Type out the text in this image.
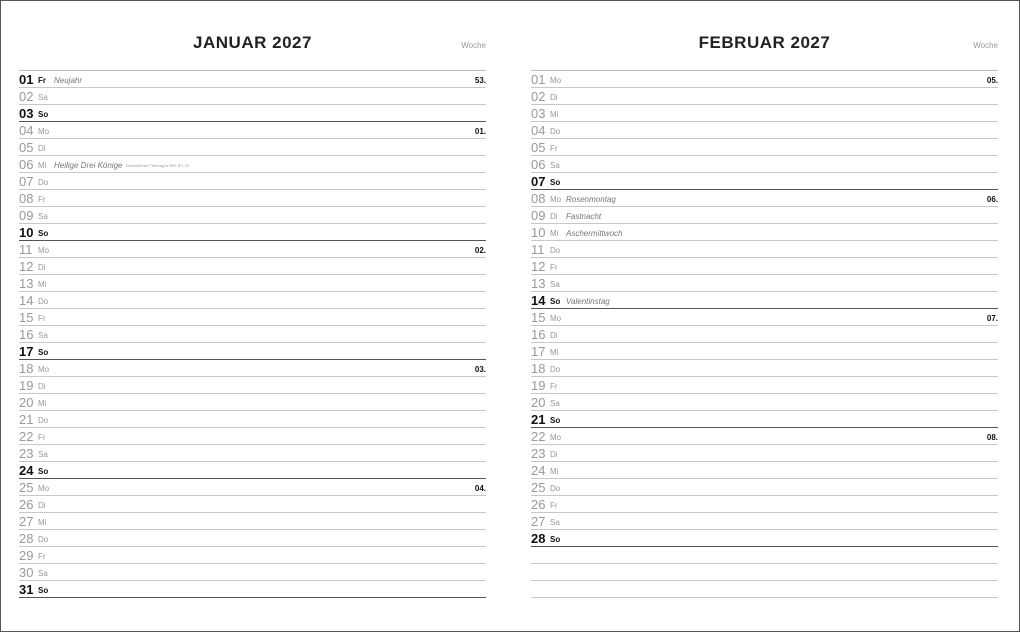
JANUAR 2027	Woche
01 Fr Neujahr	53.
02 Sa
03 So
04 Mo	01.
05 Di
06 Mi Heilige Drei Könige Gesetzlicher Feiertag in BW, BY, ST
07 Do
08 Fr
09 Sa
10 So
11 Mo	02.
12 Di
13 Mi
14 Do
15 Fr
16 Sa
17 So
18 Mo	03.
19 Di
20 Mi
21 Do
22 Fr
23 Sa
24 So
25 Mo	04.
26 Di
27 Mi
28 Do
29 Fr
30 Sa
31 So
FEBRUAR 2027	Woche
01 Mo	05.
02 Di
03 Mi
04 Do
05 Fr
06 Sa
07 So
08 Mo Rosenmontag	06.
09 Di Fastnacht
10 Mi Aschermittwoch
11 Do
12 Fr
13 Sa
14 So Valentinstag
15 Mo	07.
16 Di
17 Mi
18 Do
19 Fr
20 Sa
21 So
22 Mo	08.
23 Di
24 Mi
25 Do
26 Fr
27 Sa
28 So
